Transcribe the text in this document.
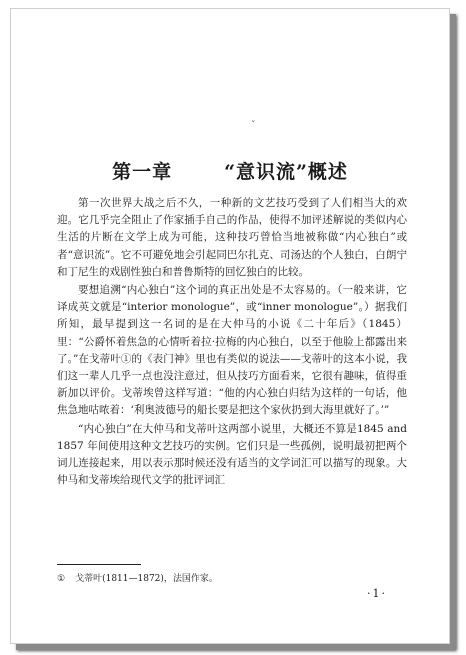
ˇ
第一章	“意识流”概述

第一次世界大战之后不久，一种新的文艺技巧受到了人们相当大的欢迎。它几乎完全阻止了作家插手自己的作品，使得不加评述解说的类似内心生活的片断在文学上成为可能，这种技巧曾恰当地被称做“内心独白”或者“意识流”。它不可避免地会引起同巴尔扎克、司汤达的个人独白，白朗宁和丁尼生的戏剧性独白和普鲁斯特的回忆独白的比较。

要想追溯“内心独白”这个词的真正出处是不太容易的。（一般来讲，它译成英文就是“interior monologue”，或“inner monologue”。）据我们所知，最早提到这一名词的是在大仲马的小说《二十年后》（1845）里：“公爵怀着焦急的心情听着拉·拉梅的内心独白，以至于他脸上都露出来了。”在戈蒂叶①的《表门神》里也有类似的说法——戈蒂叶的这本小说，我们这一辈人几乎一点也没注意过，但从技巧方面看来，它很有趣味，值得重新加以评价。戈蒂埃曾这样写道：“他的内心独白归结为这样的一句话，他焦急地咕哝着：‘利奥波德号的船长要是把这个家伙扔到大海里就好了。’”

“内心独白”在大仲马和戈蒂叶这两部小说里，大概还不算是1845 and 1857 年间使用这种文艺技巧的实例。它们只是一些孤例，说明最初把两个词儿连接起来，用以表示那时候还没有适当的文学词汇可以描写的现象。大仲马和戈蒂埃给现代文学的批评词汇

① 戈蒂叶(1811—1872)，法国作家。
·1·
